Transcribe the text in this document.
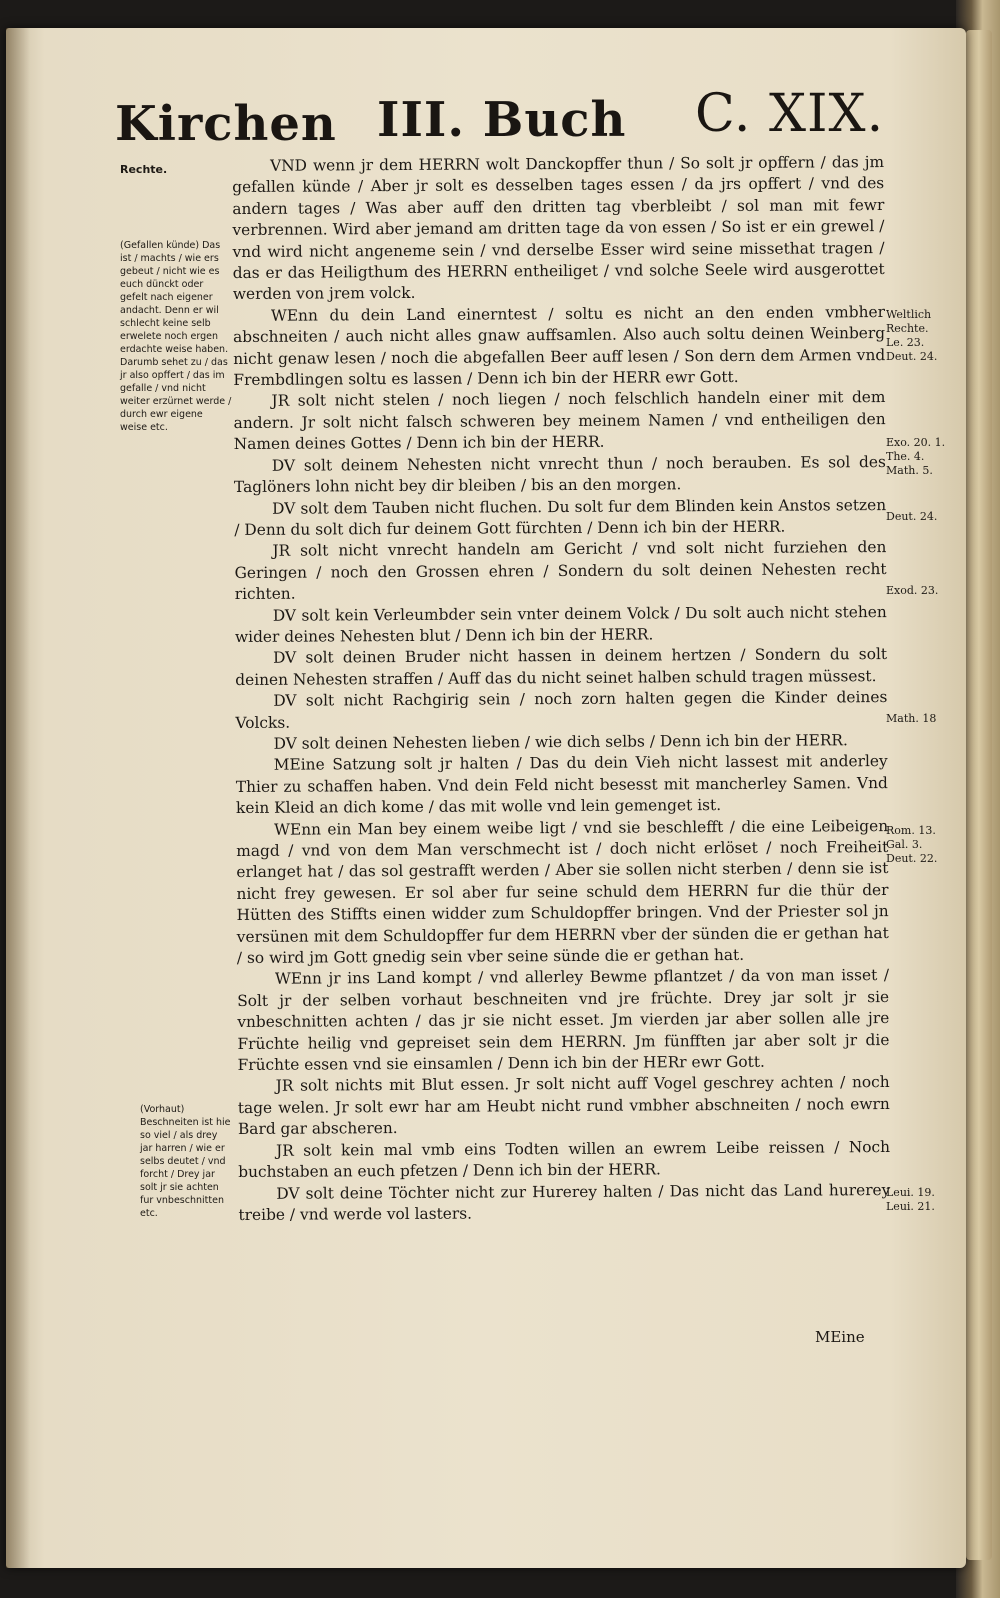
Kirchen III. Buch C. XIX.
Rechte.
(Gefallen künde) Das ist / machts / wie ers gebeut / nicht wie es euch dünckt oder gefelt nach eigener andacht. Denn er wil schlecht keine selb erwelete noch ergen erdachte weise haben. Darumb sehet zu / das jr also opffert / das im gefalle / vnd nicht weiter erzürnet werde / durch ewr eigene weise etc.
(Vorhaut) Beschneiten ist hie so viel / als drey jar harren / wie er selbs deutet / vnd forcht / Drey jar solt jr sie achten fur vnbeschnitten etc.
Weltlich Rechte. Le. 23. Deut. 24.
Exo. 20. 1. The. 4. Math. 5.
Deut. 24.
Exod. 23.
Math. 18
Rom. 13. Gal. 3. Deut. 22.
Leui. 19. Leui. 21.

VND wenn jr dem HERRN wolt Danckopffer thun / So solt jr opffern / das jm gefallen künde / Aber jr solt es desselben tages essen / da jrs opffert / vnd des andern tages / Was aber auff den dritten tag vberbleibt / sol man mit fewr verbrennen. Wird aber jemand am dritten tage da von essen / So ist er ein grewel / vnd wird nicht angeneme sein / vnd derselbe Esser wird seine missethat tragen / das er das Heiligthum des HERRN entheiliget / vnd solche Seele wird ausgerottet werden von jrem volck.

WEnn du dein Land einerntest / soltu es nicht an den enden vmbher abschneiten / auch nicht alles gnaw auffsamlen. Also auch soltu deinen Weinberg nicht genaw lesen / noch die abgefallen Beer auff lesen / Son dern dem Armen vnd Frembdlingen soltu es lassen / Denn ich bin der HERR ewr Gott.

JR solt nicht stelen / noch liegen / noch felschlich handeln einer mit dem andern. Jr solt nicht falsch schweren bey meinem Namen / vnd entheiligen den Namen deines Gottes / Denn ich bin der HERR.

DV solt deinem Nehesten nicht vnrecht thun / noch berauben. Es sol des Taglöners lohn nicht bey dir bleiben / bis an den morgen.

DV solt dem Tauben nicht fluchen. Du solt fur dem Blinden kein Anstos setzen / Denn du solt dich fur deinem Gott fürchten / Denn ich bin der HERR.

JR solt nicht vnrecht handeln am Gericht / vnd solt nicht furziehen den Geringen / noch den Grossen ehren / Sondern du solt deinen Nehesten recht richten.

DV solt kein Verleumbder sein vnter deinem Volck / Du solt auch nicht stehen wider deines Nehesten blut / Denn ich bin der HERR.

DV solt deinen Bruder nicht hassen in deinem hertzen / Sondern du solt deinen Nehesten straffen / Auff das du nicht seinet halben schuld tragen müssest.

DV solt nicht Rachgirig sein / noch zorn halten gegen die Kinder deines Volcks.

DV solt deinen Nehesten lieben / wie dich selbs / Denn ich bin der HERR.

MEine Satzung solt jr halten / Das du dein Vieh nicht lassest mit anderley Thier zu schaffen haben. Vnd dein Feld nicht besesst mit mancherley Samen. Vnd kein Kleid an dich kome / das mit wolle vnd lein gemenget ist.

WEnn ein Man bey einem weibe ligt / vnd sie beschlefft / die eine Leibeigen magd / vnd von dem Man verschmecht ist / doch nicht erlöset / noch Freiheit erlanget hat / das sol gestrafft werden / Aber sie sollen nicht sterben / denn sie ist nicht frey gewesen. Er sol aber fur seine schuld dem HERRN fur die thür der Hütten des Stiffts einen widder zum Schuldopffer bringen. Vnd der Priester sol jn versünen mit dem Schuldopffer fur dem HERRN vber der sünden die er gethan hat / so wird jm Gott gnedig sein vber seine sünde die er gethan hat.

WEnn jr ins Land kompt / vnd allerley Bewme pflantzet / da von man isset / Solt jr der selben vorhaut beschneiten vnd jre früchte. Drey jar solt jr sie vnbeschnitten achten / das jr sie nicht esset. Jm vierden jar aber sollen alle jre Früchte heilig vnd gepreiset sein dem HERRN. Jm fünfften jar aber solt jr die Früchte essen vnd sie einsamlen / Denn ich bin der HERr ewr Gott.

JR solt nichts mit Blut essen. Jr solt nicht auff Vogel geschrey achten / noch tage welen. Jr solt ewr har am Heubt nicht rund vmbher abschneiten / noch ewrn Bard gar abscheren.

JR solt kein mal vmb eins Todten willen an ewrem Leibe reissen / Noch buchstaben an euch pfetzen / Denn ich bin der HERR.

DV solt deine Töchter nicht zur Hurerey halten / Das nicht das Land hurerey treibe / vnd werde vol lasters.

MEine
